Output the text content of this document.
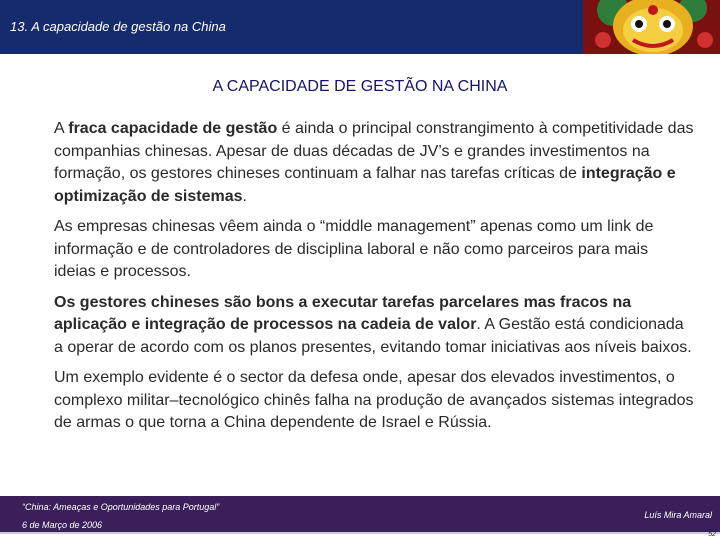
13. A capacidade de gestão na China
A CAPACIDADE DE GESTÃO NA CHINA

A fraca capacidade de gestão é ainda o principal constrangimento à competitividade das companhias chinesas. Apesar de duas décadas de JV’s e grandes investimentos na formação, os gestores chineses continuam a falhar nas tarefas críticas de integração e optimização de sistemas.

As empresas chinesas vêem ainda o “middle management” apenas como um link de informação e de controladores de disciplina laboral e não como parceiros para mais ideias e processos.

Os gestores chineses são bons a executar tarefas parcelares mas fracos na aplicação e integração de processos na cadeia de valor. A Gestão está condicionada a operar de acordo com os planos presentes, evitando tomar iniciativas aos níveis baixos.

Um exemplo evidente é o sector da defesa onde, apesar dos elevados investimentos, o complexo militar–tecnológico chinês falha na produção de avançados sistemas integrados de armas o que torna a China dependente de Israel e Rússia.

“China: Ameaças e Oportunidades para Portugal”
6 de Março de 2006
Luís Mira Amaral
52
